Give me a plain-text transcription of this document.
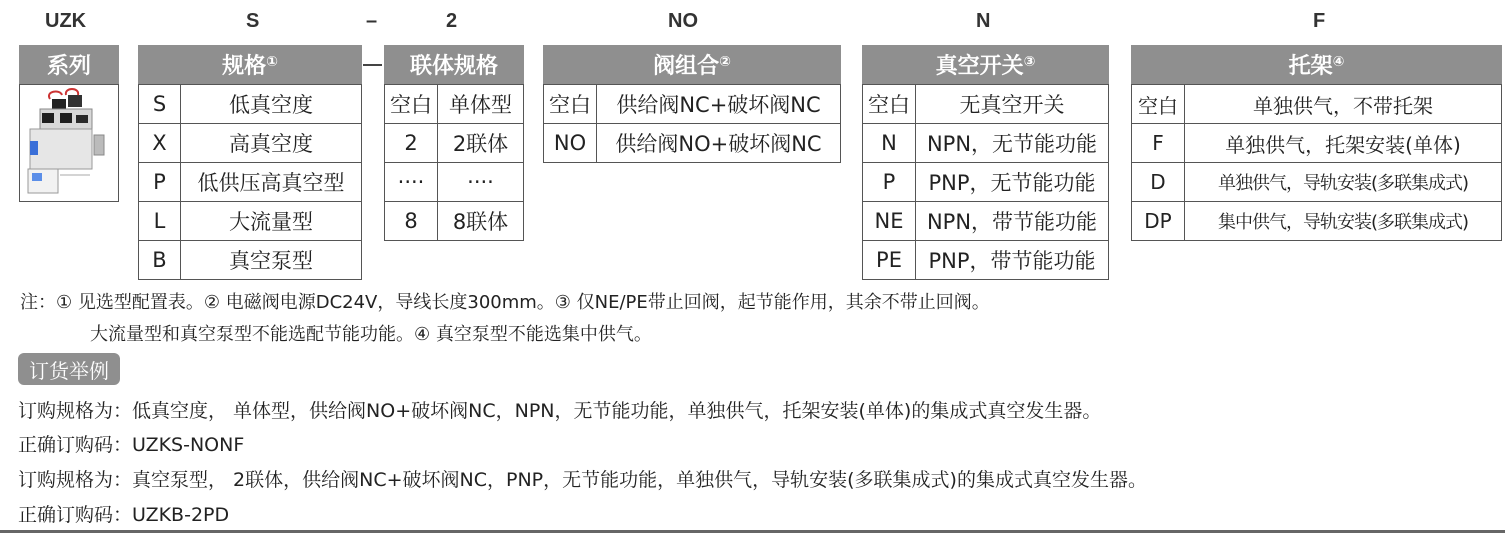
UZK	S	–	2	NO	N	F
系列	规格①
S	低真空度
X	高真空度
P	低供压高真空型
L	大流量型
B	真空泵型
联体规格
空白	单体型
2	2联体
····	····
8	8联体
阀组合②
空白	供给阀NC+破坏阀NC
NO	供给阀NO+破坏阀NC
真空开关③
空白	无真空开关
N	NPN，无节能功能
P	PNP，无节能功能
NE	NPN，带节能功能
PE	PNP，带节能功能
托架④
空白	单独供气，不带托架
F	单独供气，托架安装(单体)
D	单独供气，导轨安装(多联集成式)
DP	集中供气，导轨安装(多联集成式)
注：① 见选型配置表。② 电磁阀电源DC24V，导线长度300mm。③ 仅NE/PE带止回阀，起节能作用，其余不带止回阀。
大流量型和真空泵型不能选配节能功能。④ 真空泵型不能选集中供气。
订货举例
订购规格为：低真空度， 单体型，供给阀NO+破坏阀NC，NPN，无节能功能，单独供气，托架安装(单体)的集成式真空发生器。
正确订购码：UZKS-NONF
订购规格为：真空泵型， 2联体，供给阀NC+破坏阀NC，PNP，无节能功能，单独供气，导轨安装(多联集成式)的集成式真空发生器。
正确订购码：UZKB-2PD
